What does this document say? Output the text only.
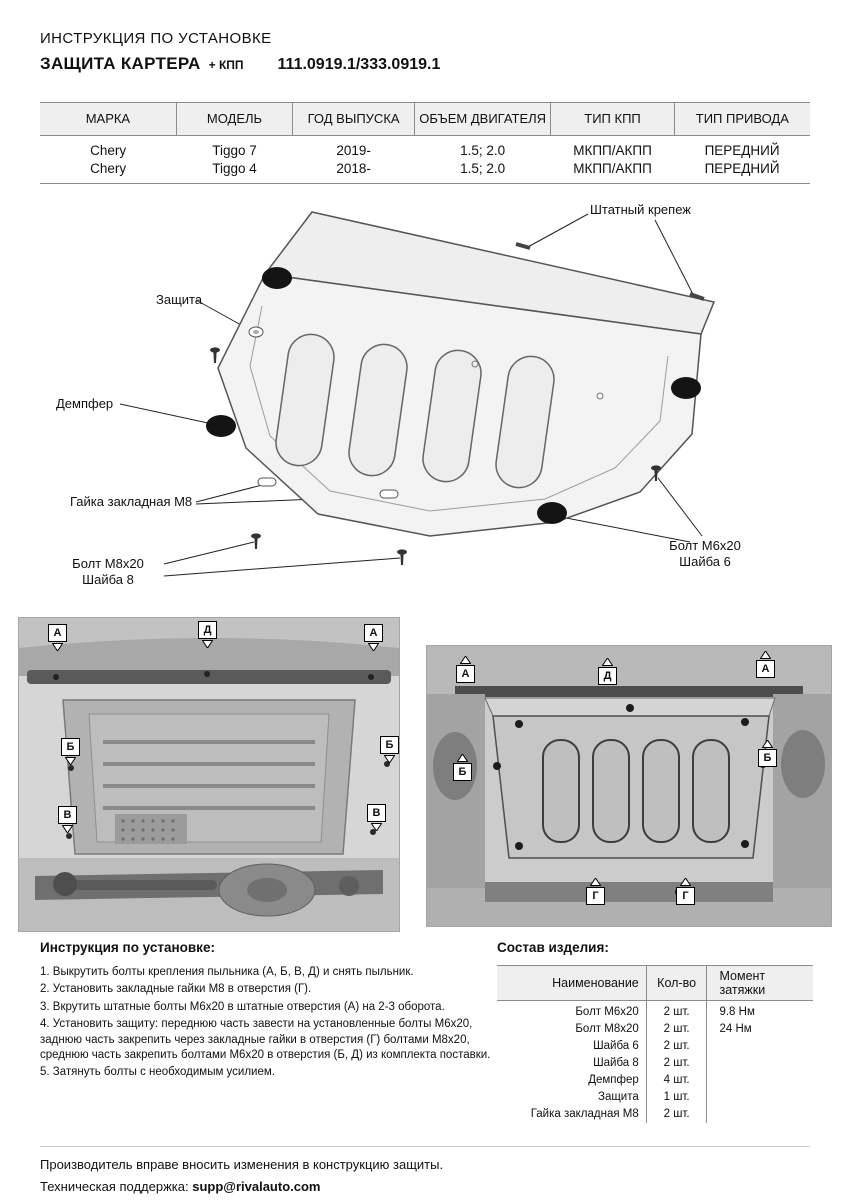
ИНСТРУКЦИЯ ПО УСТАНОВКЕ
ЗАЩИТА КАРТЕРА + КПП 111.0919.1/333.0919.1
МАРКА	МОДЕЛЬ	ГОД ВЫПУСКА	ОБЪЕМ ДВИГАТЕЛЯ	ТИП КПП	ТИП ПРИВОДА
Chery	Tiggo 7	2019-	1.5; 2.0	МКПП/АКПП	ПЕРЕДНИЙ
Chery	Tiggo 4	2018-	1.5; 2.0	МКПП/АКПП	ПЕРЕДНИЙ
Штатный крепеж
Защита
Демпфер
Гайка закладная М8
Болт М8х20
Шайба 8
Болт М6х20
Шайба 6
А	Д	А
Б	Б
В	В
А	Д
А
Б
Б
Г	Г
Инструкция по установке:
1. Выкрутить болты крепления пыльника (А, Б, В, Д) и снять пыльник.
2. Установить закладные гайки М8 в отверстия (Г).
3. Вкрутить штатные болты М6х20 в штатные отверстия (А) на 2-3 оборота.
4. Установить защиту: переднюю часть завести на установленные болты М6х20, заднюю часть закрепить через закладные гайки в отверстия (Г) болтами М8х20, среднюю часть закрепить болтами М6х20 в отверстия (Б, Д) из комплекта поставки.
5. Затянуть болты с необходимым усилием.
Состав изделия:
Наименование	Кол-во	Момент затяжки
Болт М6х20	2 шт.	9.8 Нм
Болт М8х20	2 шт.	24 Нм
Шайба 6	2 шт.	
Шайба 8	2 шт.	
Демпфер	4 шт.	
Защита	1 шт.	
Гайка закладная М8	2 шт.	
Производитель вправе вносить изменения в конструкцию защиты.
Техническая поддержка: supp@rivalauto.com
